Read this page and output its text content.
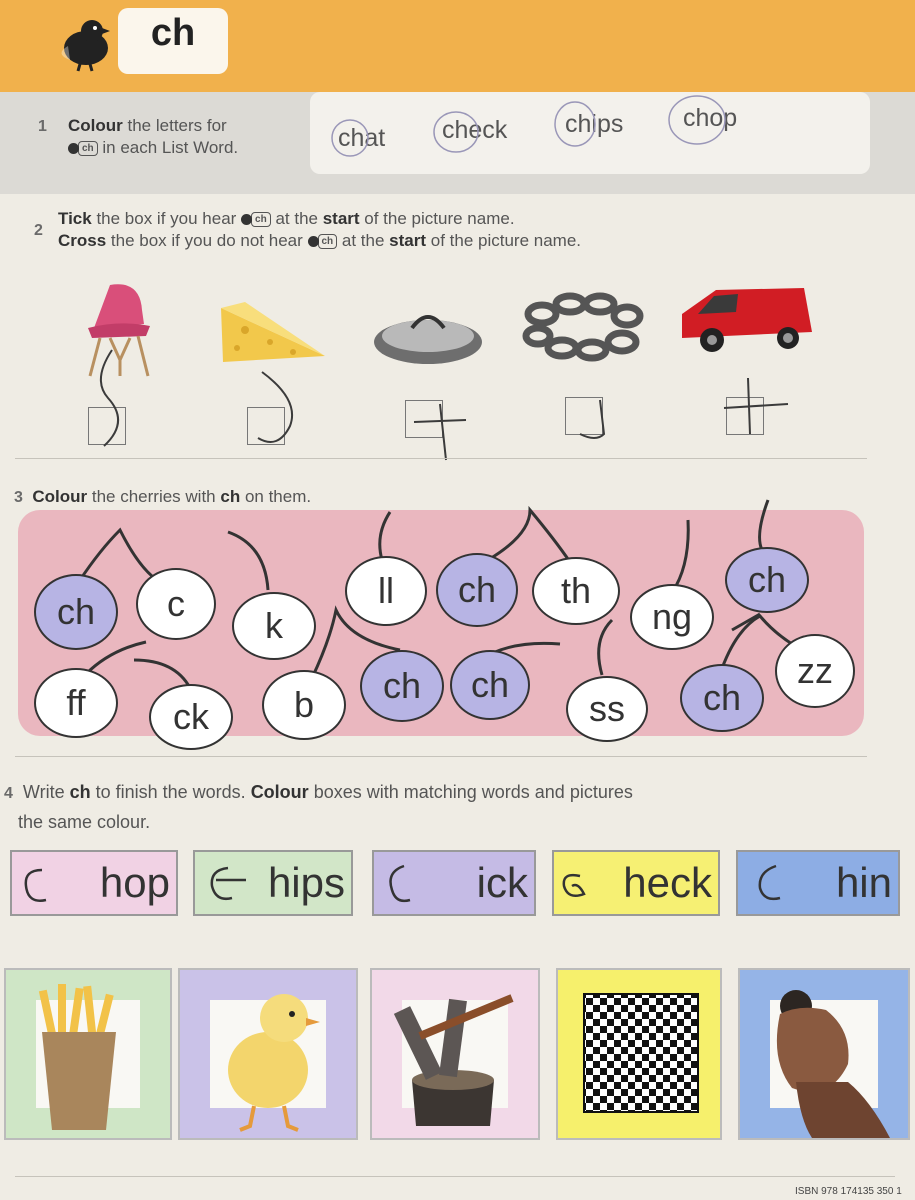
ch
1 Colour the letters for
ch in each List Word.	chat check chips chop
2
Tick the box if you hear ch at the start of the picture name.
Cross the box if you do not hear ch at the start of the picture name.
3 Colour the cherries with ch on them.
ch	c
k
ll	ch	th
ng
ch
ff	ck	b	ch	ch
ss	ch
zz
4 Write ch to finish the words. Colour boxes with matching words and pictures
the same colour.
hop hips	ick heck	hin
ISBN 978 174135 350 1
